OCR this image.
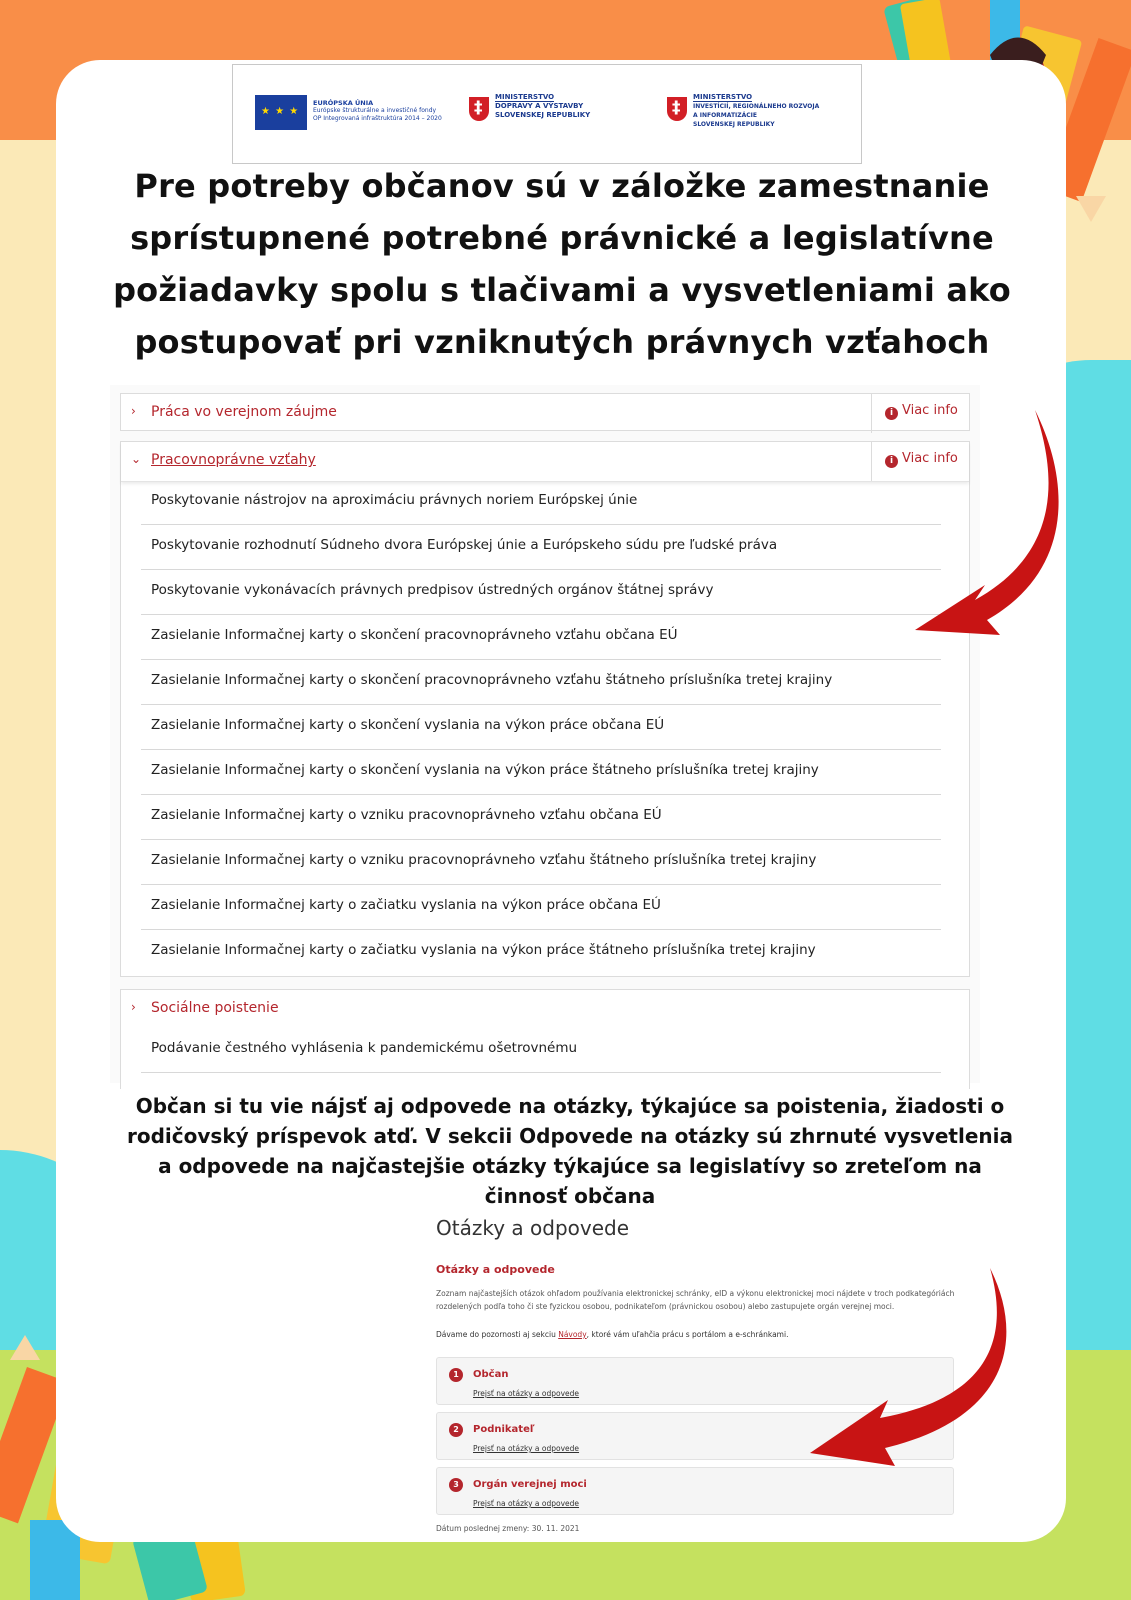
★ ★ ★
EURÓPSKA ÚNIA
Európske štrukturálne a investičné fondy
OP Integrovaná infraštruktúra 2014 – 2020
‡
MINISTERSTVO
DOPRAVY A VÝSTAVBY
SLOVENSKEJ REPUBLIKY
‡
MINISTERSTVO
INVESTÍCIÍ, REGIONÁLNEHO ROZVOJA
A INFORMATIZÁCIE
SLOVENSKEJ REPUBLIKY
Pre potreby občanov sú v záložke zamestnanie sprístupnené potrebné právnické a legislatívne požiadavky spolu s tlačivami a vysvetleniami ako postupovať pri vzniknutých právnych vzťahoch
› Práca vo verejnom záujme	i Viac info
⌄ Pracovnoprávne vzťahy	i Viac info
Poskytovanie nástrojov na aproximáciu právnych noriem Európskej únie
Poskytovanie rozhodnutí Súdneho dvora Európskej únie a Európskeho súdu pre ľudské práva
Poskytovanie vykonávacích právnych predpisov ústredných orgánov štátnej správy
Zasielanie Informačnej karty o skončení pracovnoprávneho vzťahu občana EÚ
Zasielanie Informačnej karty o skončení pracovnoprávneho vzťahu štátneho príslušníka tretej krajiny
Zasielanie Informačnej karty o skončení vyslania na výkon práce občana EÚ
Zasielanie Informačnej karty o skončení vyslania na výkon práce štátneho príslušníka tretej krajiny
Zasielanie Informačnej karty o vzniku pracovnoprávneho vzťahu občana EÚ
Zasielanie Informačnej karty o vzniku pracovnoprávneho vzťahu štátneho príslušníka tretej krajiny
Zasielanie Informačnej karty o začiatku vyslania na výkon práce občana EÚ
Zasielanie Informačnej karty o začiatku vyslania na výkon práce štátneho príslušníka tretej krajiny
› Sociálne poistenie
Podávanie čestného vyhlásenia k pandemickému ošetrovnému
Občan si tu vie nájsť aj odpovede na otázky, týkajúce sa poistenia, žiadosti o rodičovský príspevok atď. V sekcii Odpovede na otázky sú zhrnuté vysvetlenia a odpovede na najčastejšie otázky týkajúce sa legislatívy so zreteľom na činnosť občana
Otázky a odpovede
Otázky a odpovede
Zoznam najčastejších otázok ohľadom používania elektronickej schránky, eID a výkonu elektronickej moci nájdete v troch podkategóriách rozdelených podľa toho či ste fyzickou osobou, podnikateľom (právnickou osobou) alebo zastupujete orgán verejnej moci.
Dávame do pozornosti aj sekciu Návody, ktoré vám uľahčia prácu s portálom a e-schránkami.
1	Občan
Prejsť na otázky a odpovede
2	Podnikateľ
Prejsť na otázky a odpovede
3	Orgán verejnej moci
Prejsť na otázky a odpovede
Dátum poslednej zmeny: 30. 11. 2021
